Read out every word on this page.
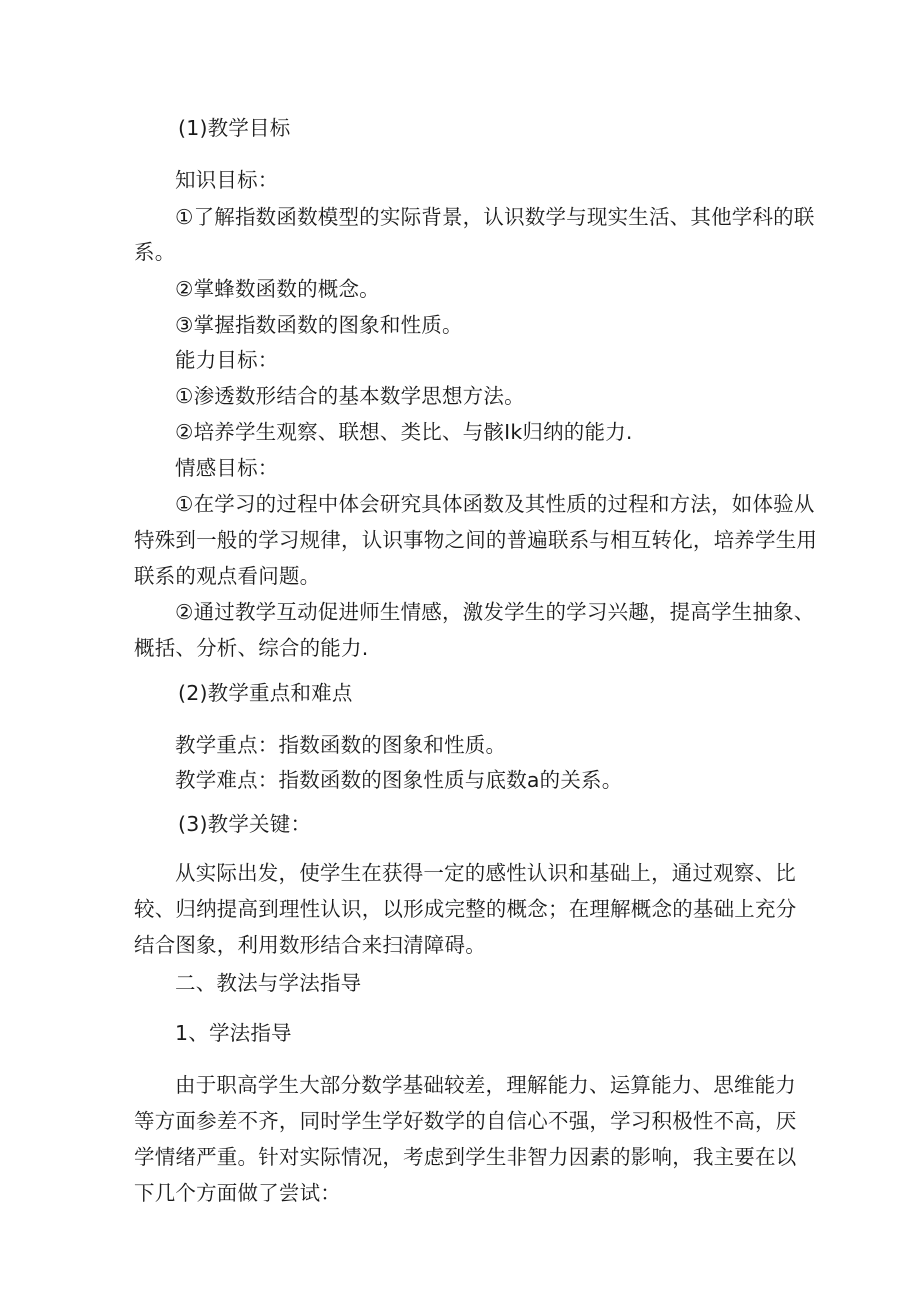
(1)教学目标

知识目标：

①了解指数函数模型的实际背景，认识数学与现实生活、其他学科的联

系。

②掌蜂数函数的概念。

③掌握指数函数的图象和性质。

能力目标：

①渗透数形结合的基本数学思想方法。

②培养学生观察、联想、类比、与骸Ik归纳的能力.

情感目标：

①在学习的过程中体会研究具体函数及其性质的过程和方法，如体验从

特殊到一般的学习规律，认识事物之间的普遍联系与相互转化，培养学生用

联系的观点看问题。

②通过教学互动促进师生情感，激发学生的学习兴趣，提高学生抽象、

概括、分析、综合的能力.

(2)教学重点和难点

教学重点：指数函数的图象和性质。

教学难点：指数函数的图象性质与底数a的关系。

(3)教学关键：

从实际出发，使学生在获得一定的感性认识和基础上，通过观察、比

较、归纳提高到理性认识，以形成完整的概念；在理解概念的基础上充分

结合图象，利用数形结合来扫清障碍。

二、教法与学法指导

1、学法指导

由于职高学生大部分数学基础较差，理解能力、运算能力、思维能力

等方面参差不齐，同时学生学好数学的自信心不强，学习积极性不高，厌

学情绪严重。针对实际情况，考虑到学生非智力因素的影响，我主要在以

下几个方面做了尝试：
